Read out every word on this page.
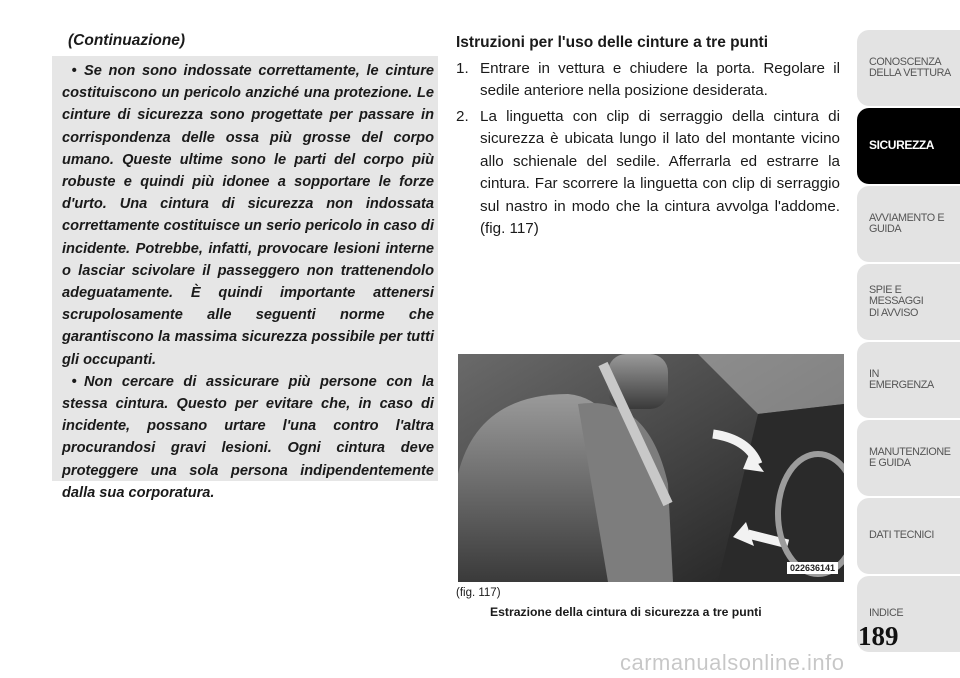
(Continuazione)

• Se non sono indossate correttamente, le cinture costituiscono un pericolo anziché una protezione. Le cinture di sicurezza sono progettate per passare in corrispondenza delle ossa più grosse del corpo umano. Queste ultime sono le parti del corpo più robuste e quindi più idonee a sopportare le forze d'urto. Una cintura di sicurezza non indossata correttamente costituisce un serio pericolo in caso di incidente. Potrebbe, infatti, provocare lesioni interne o lasciar scivolare il passeggero non trattenendolo adeguatamente. È quindi importante attenersi scrupolosamente alle seguenti norme che garantiscono la massima sicurezza possibile per tutti gli occupanti.

• Non cercare di assicurare più persone con la stessa cintura. Questo per evitare che, in caso di incidente, possano urtare l'una contro l'altra procurandosi gravi lesioni. Ogni cintura deve proteggere una sola persona indipendentemente dalla sua corporatura.

Istruzioni per l'uso delle cinture a tre punti
1. Entrare in vettura e chiudere la porta. Regolare il sedile anteriore nella posizione desiderata.
2. La linguetta con clip di serraggio della cintura di sicurezza è ubicata lungo il lato del montante vicino allo schienale del sedile. Afferrarla ed estrarre la cintura. Far scorrere la linguetta con clip di serraggio sul nastro in modo che la cintura avvolga l'addome. (fig. 117)
022636141
(fig. 117)
Estrazione della cintura di sicurezza a tre punti
CONOSCENZA
DELLA VETTURA
SICUREZZA
AVVIAMENTO E
GUIDA
SPIE E
MESSAGGI
DI AVVISO
IN
EMERGENZA
MANUTENZIONE
E GUIDA
DATI TECNICI
INDICE
189
carmanualsonline.info
